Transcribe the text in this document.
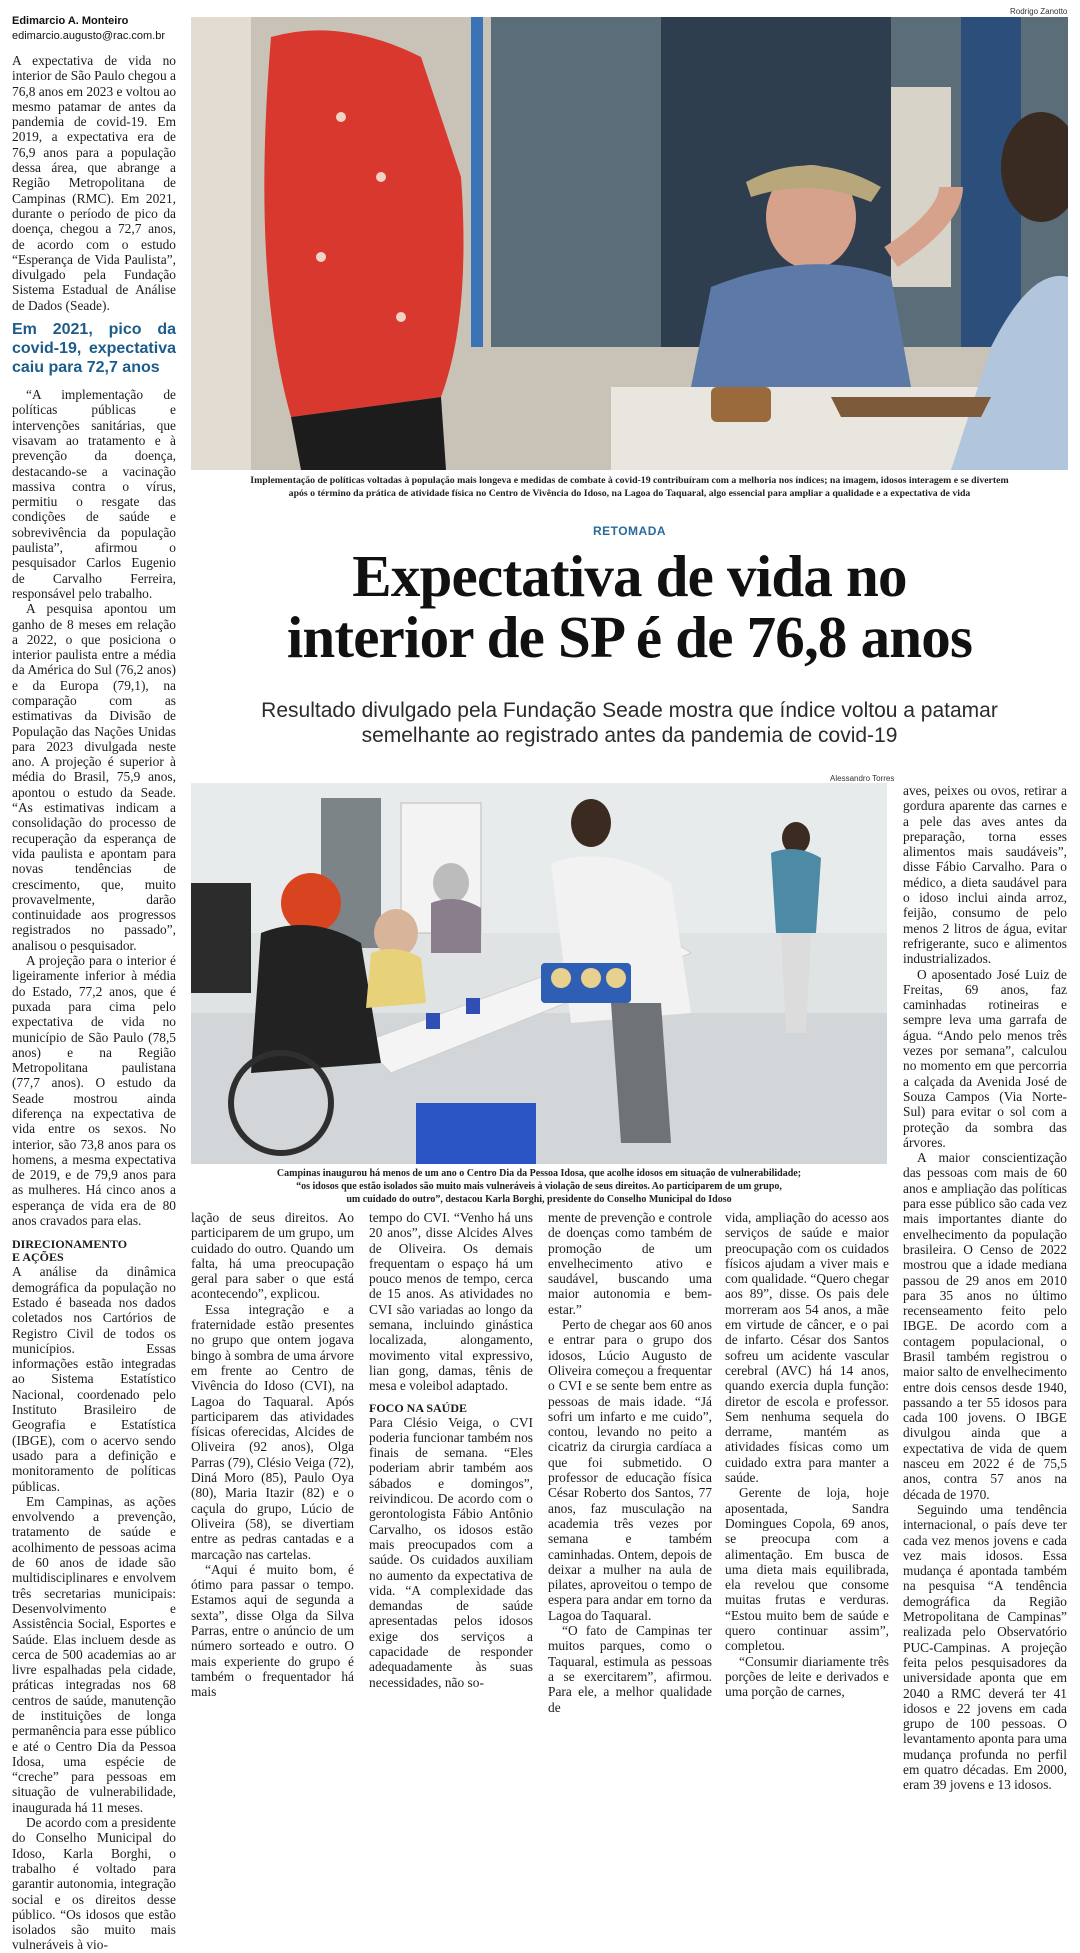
Edimarcio A. Monteiro
edimarcio.augusto@rac.com.br
Rodrigo Zanotto
Implementação de políticas voltadas à população mais longeva e medidas de combate à covid-19 contribuíram com a melhoria nos índices; na imagem, idosos interagem e se divertem
após o término da prática de atividade física no Centro de Vivência do Idoso, na Lagoa do Taquaral, algo essencial para ampliar a qualidade e a expectativa de vida
RETOMADA
Expectativa de vida no
interior de SP é de 76,8 anos
Resultado divulgado pela Fundação Seade mostra que índice voltou a patamar
semelhante ao registrado antes da pandemia de covid-19
Alessandro Torres
Campinas inaugurou há menos de um ano o Centro Dia da Pessoa Idosa, que acolhe idosos em situação de vulnerabilidade;
“os idosos que estão isolados são muito mais vulneráveis à violação de seus direitos. Ao participarem de um grupo,
um cuidado do outro”, destacou Karla Borghi, presidente do Conselho Municipal do Idoso

A expectativa de vida no interior de São Paulo chegou a 76,8 anos em 2023 e voltou ao mesmo patamar de antes da pandemia de covid-19. Em 2019, a expectativa era de 76,9 anos para a população dessa área, que abrange a Região Metropolitana de Campinas (RMC). Em 2021, durante o período de pico da doença, chegou a 72,7 anos, de acordo com o estudo “Esperança de Vida Paulista”, divulgado pela Fundação Sistema Estadual de Análise de Dados (Seade).

Em 2021, pico da covid-19, expectativa caiu para 72,7 anos

“A implementação de políticas públicas e intervenções sanitárias, que visavam ao tratamento e à prevenção da doença, destacando-se a vacinação massiva contra o vírus, permitiu o resgate das condições de saúde e sobrevivência da população paulista”, afirmou o pesquisador Carlos Eugenio de Carvalho Ferreira, responsável pelo trabalho.

A pesquisa apontou um ganho de 8 meses em relação a 2022, o que posiciona o interior paulista entre a média da América do Sul (76,2 anos) e da Europa (79,1), na comparação com as estimativas da Divisão de População das Nações Unidas para 2023 divulgada neste ano. A projeção é superior à média do Brasil, 75,9 anos, apontou o estudo da Seade. “As estimativas indicam a consolidação do processo de recuperação da esperança de vida paulista e apontam para novas tendências de crescimento, que, muito provavelmente, darão continuidade aos progressos registrados no passado”, analisou o pesquisador.

A projeção para o interior é ligeiramente inferior à média do Estado, 77,2 anos, que é puxada para cima pelo expectativa de vida no município de São Paulo (78,5 anos) e na Região Metropolitana paulistana (77,7 anos). O estudo da Seade mostrou ainda diferença na expectativa de vida entre os sexos. No interior, são 73,8 anos para os homens, a mesma expectativa de 2019, e de 79,9 anos para as mulheres. Há cinco anos a esperança de vida era de 80 anos cravados para elas.

DIRECIONAMENTO E AÇÕES

A análise da dinâmica demográfica da população no Estado é baseada nos dados coletados nos Cartórios de Registro Civil de todos os municípios. Essas informações estão integradas ao Sistema Estatístico Nacional, coordenado pelo Instituto Brasileiro de Geografia e Estatística (IBGE), com o acervo sendo usado para a definição e monitoramento de políticas públicas.

Em Campinas, as ações envolvendo a prevenção, tratamento de saúde e acolhimento de pessoas acima de 60 anos de idade são multidisciplinares e envolvem três secretarias municipais: Desenvolvimento e Assistência Social, Esportes e Saúde. Elas incluem desde as cerca de 500 academias ao ar livre espalhadas pela cidade, práticas integradas nos 68 centros de saúde, manutenção de instituições de longa permanência para esse público e até o Centro Dia da Pessoa Idosa, uma espécie de “creche” para pessoas em situação de vulnerabilidade, inaugurada há 11 meses.

De acordo com a presidente do Conselho Municipal do Idoso, Karla Borghi, o trabalho é voltado para garantir autonomia, integração social e os direitos desse público. “Os idosos que estão isolados são muito mais vulneráveis à vio-

lação de seus direitos. Ao participarem de um grupo, um cuidado do outro. Quando um falta, há uma preocupação geral para saber o que está acontecendo”, explicou.

Essa integração e a fraternidade estão presentes no grupo que ontem jogava bingo à sombra de uma árvore em frente ao Centro de Vivência do Idoso (CVI), na Lagoa do Taquaral. Após participarem das atividades físicas oferecidas, Alcides de Oliveira (92 anos), Olga Parras (79), Clésio Veiga (72), Diná Moro (85), Paulo Oya (80), Maria Itazir (82) e o caçula do grupo, Lúcio de Oliveira (58), se divertiam entre as pedras cantadas e a marcação nas cartelas.

“Aqui é muito bom, é ótimo para passar o tempo. Estamos aqui de segunda a sexta”, disse Olga da Silva Parras, entre o anúncio de um número sorteado e outro. O mais experiente do grupo é também o frequentador há mais

tempo do CVI. “Venho há uns 20 anos”, disse Alcides Alves de Oliveira. Os demais frequentam o espaço há um pouco menos de tempo, cerca de 15 anos. As atividades no CVI são variadas ao longo da semana, incluindo ginástica localizada, alongamento, movimento vital expressivo, lian gong, damas, tênis de mesa e voleibol adaptado.

FOCO NA SAÚDE

Para Clésio Veiga, o CVI poderia funcionar também nos finais de semana. “Eles poderiam abrir também aos sábados e domingos”, reivindicou. De acordo com o gerontologista Fábio Antônio Carvalho, os idosos estão mais preocupados com a saúde. Os cuidados auxiliam no aumento da expectativa de vida. “A complexidade das demandas de saúde apresentadas pelos idosos exige dos serviços a capacidade de responder adequadamente às suas necessidades, não so-

mente de prevenção e controle de doenças como também de promoção de um envelhecimento ativo e saudável, buscando uma maior autonomia e bem-estar.”

Perto de chegar aos 60 anos e entrar para o grupo dos idosos, Lúcio Augusto de Oliveira começou a frequentar o CVI e se sente bem entre as pessoas de mais idade. “Já sofri um infarto e me cuido”, contou, levando no peito a cicatriz da cirurgia cardíaca a que foi submetido. O professor de educação física César Roberto dos Santos, 77 anos, faz musculação na academia três vezes por semana e também caminhadas. Ontem, depois de deixar a mulher na aula de pilates, aproveitou o tempo de espera para andar em torno da Lagoa do Taquaral.

“O fato de Campinas ter muitos parques, como o Taquaral, estimula as pessoas a se exercitarem”, afirmou. Para ele, a melhor qualidade de

vida, ampliação do acesso aos serviços de saúde e maior preocupação com os cuidados físicos ajudam a viver mais e com qualidade. “Quero chegar aos 89”, disse. Os pais dele morreram aos 54 anos, a mãe em virtude de câncer, e o pai de infarto. César dos Santos sofreu um acidente vascular cerebral (AVC) há 14 anos, quando exercia dupla função: diretor de escola e professor. Sem nenhuma sequela do derrame, mantém as atividades físicas como um cuidado extra para manter a saúde.

Gerente de loja, hoje aposentada, Sandra Domingues Copola, 69 anos, se preocupa com a alimentação. Em busca de uma dieta mais equilibrada, ela revelou que consome muitas frutas e verduras. “Estou muito bem de saúde e quero continuar assim”, completou.

“Consumir diariamente três porções de leite e derivados e uma porção de carnes,

aves, peixes ou ovos, retirar a gordura aparente das carnes e a pele das aves antes da preparação, torna esses alimentos mais saudáveis”, disse Fábio Carvalho. Para o médico, a dieta saudável para o idoso inclui ainda arroz, feijão, consumo de pelo menos 2 litros de água, evitar refrigerante, suco e alimentos industrializados.

O aposentado José Luiz de Freitas, 69 anos, faz caminhadas rotineiras e sempre leva uma garrafa de água. “Ando pelo menos três vezes por semana”, calculou no momento em que percorria a calçada da Avenida José de Souza Campos (Via Norte-Sul) para evitar o sol com a proteção da sombra das árvores.

A maior conscientização das pessoas com mais de 60 anos e ampliação das políticas para esse público são cada vez mais importantes diante do envelhecimento da população brasileira. O Censo de 2022 mostrou que a idade mediana passou de 29 anos em 2010 para 35 anos no último recenseamento feito pelo IBGE. De acordo com a contagem populacional, o Brasil também registrou o maior salto de envelhecimento entre dois censos desde 1940, passando a ter 55 idosos para cada 100 jovens. O IBGE divulgou ainda que a expectativa de vida de quem nasceu em 2022 é de 75,5 anos, contra 57 anos na década de 1970.

Seguindo uma tendência internacional, o país deve ter cada vez menos jovens e cada vez mais idosos. Essa mudança é apontada também na pesquisa “A tendência demográfica da Região Metropolitana de Campinas” realizada pelo Observatório PUC-Campinas. A projeção feita pelos pesquisadores da universidade aponta que em 2040 a RMC deverá ter 41 idosos e 22 jovens em cada grupo de 100 pessoas. O levantamento aponta para uma mudança profunda no perfil em quatro décadas. Em 2000, eram 39 jovens e 13 idosos.
